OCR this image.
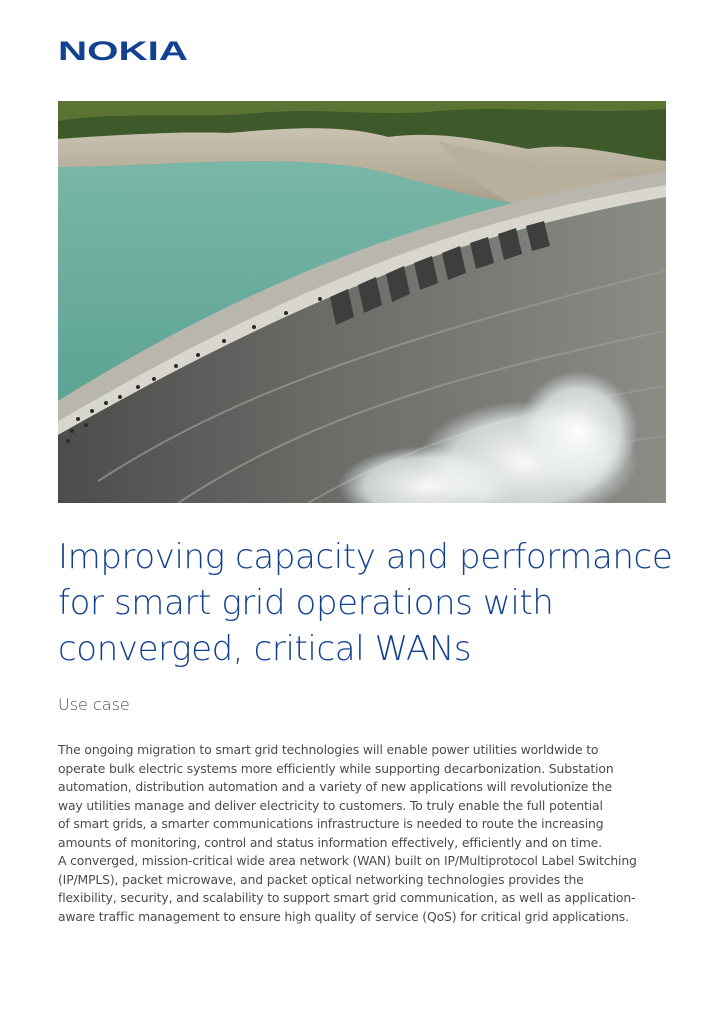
NOKIA
Improving capacity and performance
for smart grid operations with
converged, critical WANs

Use case

The ongoing migration to smart grid technologies will enable power utilities worldwide to
operate bulk electric systems more efficiently while supporting decarbonization. Substation
automation, distribution automation and a variety of new applications will revolutionize the
way utilities manage and deliver electricity to customers. To truly enable the full potential
of smart grids, a smarter communications infrastructure is needed to route the increasing
amounts of monitoring, control and status information effectively, efficiently and on time.
A converged, mission-critical wide area network (WAN) built on IP/Multiprotocol Label Switching
(IP/MPLS), packet microwave, and packet optical networking technologies provides the
flexibility, security, and scalability to support smart grid communication, as well as application-
aware traffic management to ensure high quality of service (QoS) for critical grid applications.
